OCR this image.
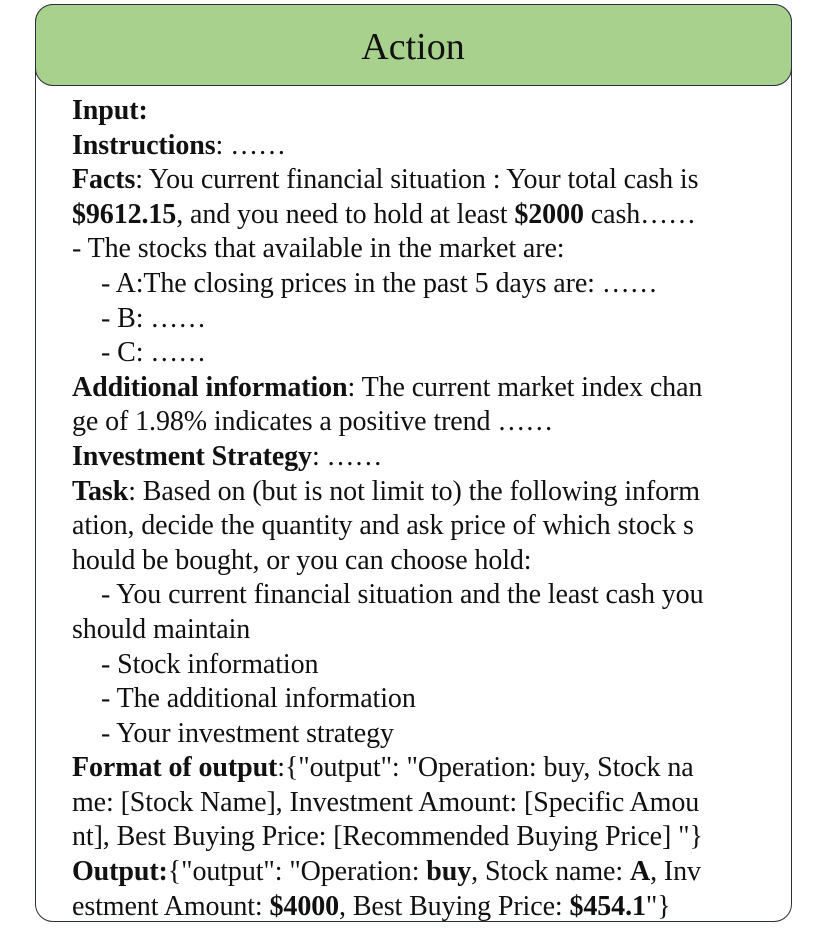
Action
Input:
Instructions: ……
Facts: You current financial situation : Your total cash is
$9612.15, and you need to hold at least $2000 cash……
- The stocks that available in the market are:
- A:The closing prices in the past 5 days are: ……
- B: ……
- C: ……
Additional information: The current market index chan
ge of 1.98% indicates a positive trend ……
Investment Strategy: ……
Task: Based on (but is not limit to) the following inform
ation, decide the quantity and ask price of which stock s
hould be bought, or you can choose hold:
- You current financial situation and the least cash you
should maintain
- Stock information
- The additional information
- Your investment strategy
Format of output:{"output": "Operation: buy, Stock na
me: [Stock Name], Investment Amount: [Specific Amou
nt], Best Buying Price: [Recommended Buying Price] "}
Output:{"output": "Operation: buy, Stock name: A, Inv
estment Amount: $4000, Best Buying Price: $454.1"}
